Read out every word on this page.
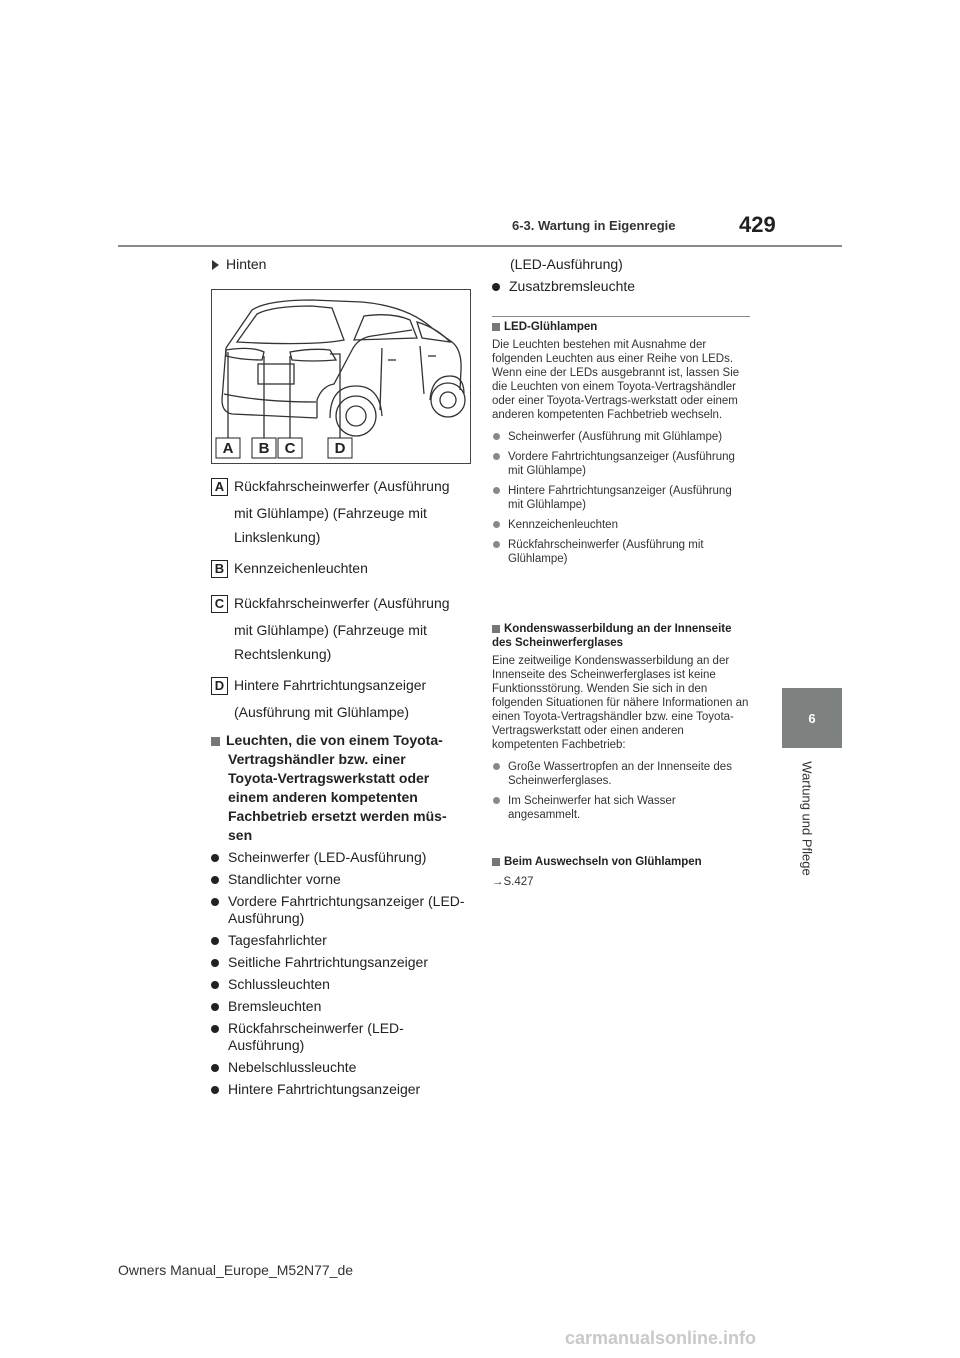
6-3. Wartung in Eigenregie	429
6
Wartung und Pflege
Hinten
A	B	C	D
A Rückfahrscheinwerfer (Ausführung
mit Glühlampe) (Fahrzeuge mit
Linkslenkung)
B Kennzeichenleuchten
C Rückfahrscheinwerfer (Ausführung
mit Glühlampe) (Fahrzeuge mit
Rechtslenkung)
D Hintere Fahrtrichtungsanzeiger
(Ausführung mit Glühlampe)
Leuchten, die von einem Toyota-
Vertragshändler bzw. einer
Toyota-Vertragswerkstatt oder
einem anderen kompetenten
Fachbetrieb ersetzt werden müs-
sen
Scheinwerfer (LED-Ausführung)
Standlichter vorne
Vordere Fahrtrichtungsanzeiger (LED-Ausführung)
Tagesfahrlichter
Seitliche Fahrtrichtungsanzeiger
Schlussleuchten
Bremsleuchten
Rückfahrscheinwerfer (LED-Ausführung)
Nebelschlussleuchte
Hintere Fahrtrichtungsanzeiger
(LED-Ausführung)
Zusatzbremsleuchte
LED-Glühlampen
Die Leuchten bestehen mit Ausnahme der folgenden Leuchten aus einer Reihe von LEDs. Wenn eine der LEDs ausgebrannt ist, lassen Sie die Leuchten von einem Toyota-Vertragshändler oder einer Toyota-Vertrags-werkstatt oder einem anderen kompetenten Fachbetrieb wechseln.
Scheinwerfer (Ausführung mit Glühlampe)
Vordere Fahrtrichtungsanzeiger (Ausführung mit Glühlampe)
Hintere Fahrtrichtungsanzeiger (Ausführung mit Glühlampe)
Kennzeichenleuchten
Rückfahrscheinwerfer (Ausführung mit Glühlampe)
Kondenswasserbildung an der Innenseite des Scheinwerferglases
Eine zeitweilige Kondenswasserbildung an der Innenseite des Scheinwerferglases ist keine Funktionsstörung. Wenden Sie sich in den folgenden Situationen für nähere Informationen an einen Toyota-Vertragshändler bzw. eine Toyota-Vertragswerkstatt oder einen anderen kompetenten Fachbetrieb:
Große Wassertropfen an der Innenseite des Scheinwerferglases.
Im Scheinwerfer hat sich Wasser angesammelt.
Beim Auswechseln von Glühlampen
→S.427
Owners Manual_Europe_M52N77_de
carmanualsonline.info
